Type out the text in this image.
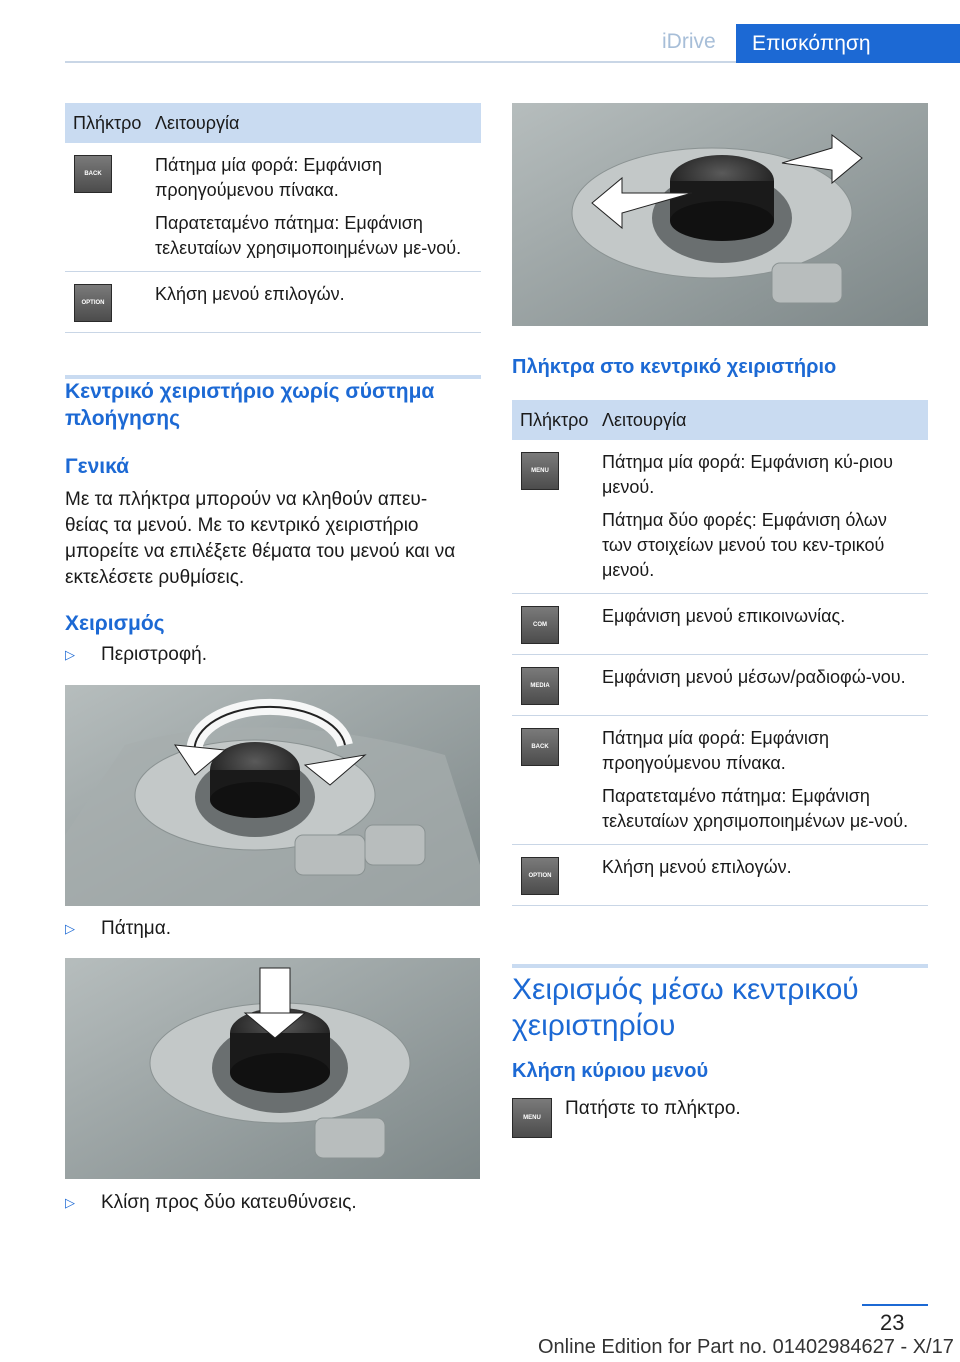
iDrive	Επισκόπηση
Πλήκτρο Λειτουργία
BACK	Πάτημα μία φορά: Εμφάνιση προηγούμενου πίνακα.

Παρατεταμένο πάτημα: Εμφάνιση τελευταίων χρησιμοποιημένων με-νού.

OPTION	Κλήση μενού επιλογών.

Κεντρικό χειριστήριο χωρίς σύστημα πλοήγησης
Γενικά
Με τα πλήκτρα μπορούν να κληθούν απευ-θείας τα μενού. Με το κεντρικό χειριστήριο μπορείτε να επιλέξετε θέματα του μενού και να εκτελέσετε ρυθμίσεις.
Χειρισμός
▷	Περιστροφή.
▷	Πάτημα.
▷	Κλίση προς δύο κατευθύνσεις.
Πλήκτρα στο κεντρικό χειριστήριο
Πλήκτρο Λειτουργία
MENU	Πάτημα μία φορά: Εμφάνιση κύ-ριου μενού.

Πάτημα δύο φορές: Εμφάνιση όλων των στοιχείων μενού του κεν-τρικού μενού.

COM	Εμφάνιση μενού επικοινωνίας.

MEDIA	Εμφάνιση μενού μέσων/ραδιοφώ-νου.

BACK	Πάτημα μία φορά: Εμφάνιση προηγούμενου πίνακα.

Παρατεταμένο πάτημα: Εμφάνιση τελευταίων χρησιμοποιημένων με-νού.

OPTION	Κλήση μενού επιλογών.

Χειρισμός μέσω κεντρικού χειριστηρίου
Κλήση κύριου μενού
MENU	Πατήστε το πλήκτρο.
23
Online Edition for Part no. 01402984627 - X/17
